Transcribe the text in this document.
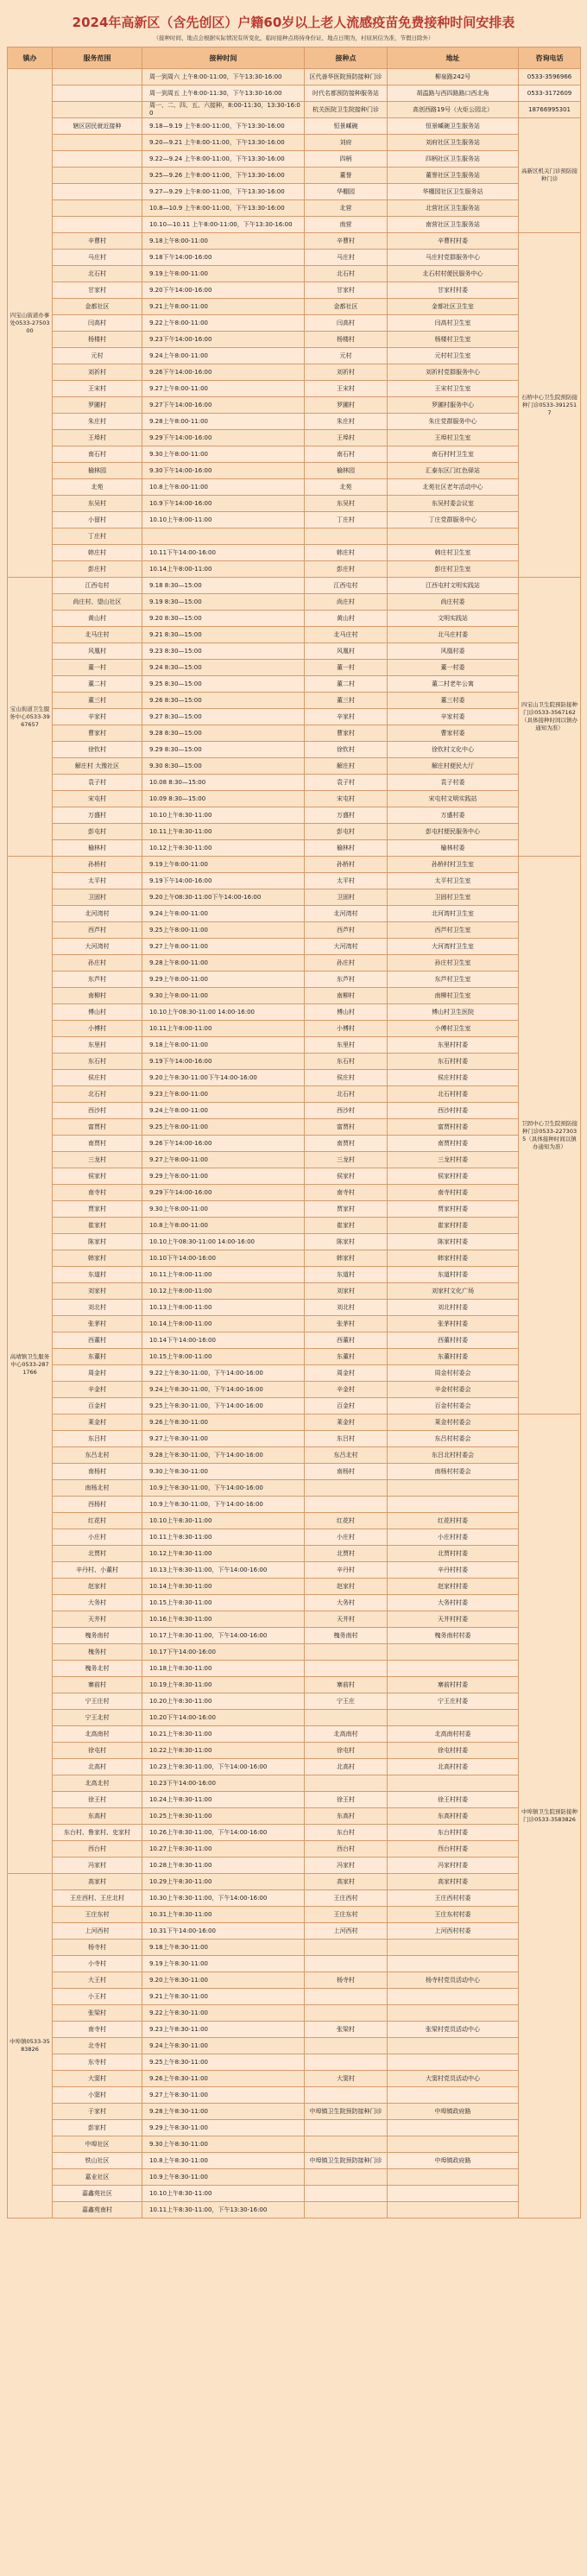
2024年高新区（含先创区）户籍60岁以上老人流感疫苗免费接种时间安排表
（接种时间、地点会根据实际情况有所变化，临时接种点将持身份证、地点日期为，村屈居信为准，节假日除外）
镇办	服务范围	接种时间	接种点	地址	咨询电话
四宝山街道办事处0533-2750300		周一到周六 上午8:00-11:00，下午13:30-16:00	区代善华医院预防接种门诊	柳泉路242号	0533-3596966
		周一到周五 上午8:00-11:30，下午13:30-16:00	时代名都预防接种服务站	胡温路与西四路路口西北角	0533-3172609
		周一、二、四、五、六接种，8:00-11:30，13:30-16:00	杭关医院卫生院接种门诊	高创西路19号（火炬公园北）	18766995301
	辖区居民就近接种	9.18—9.19 上午8:00-11:00，下午13:30-16:00	恒景嵊碗	恒景嵊碗卫生服务站	高新区机关门诊预防接种门诊
		9.20—9.21 上午8:00-11:00，下午13:30-16:00	刘府	刘府社区卫生服务站	
		9.22—9.24 上午8:00-11:00，下午13:30-16:00	四柄	四柄社区卫生服务站	
		9.25—9.26 上午8:00-11:00，下午13:30-16:00	董誉	董誉社区卫生服务站	
		9.27—9.29 上午8:00-11:00，下午13:30-16:00	华棚园	华棚园社区卫生服务站	
		10.8—10.9 上午8:00-11:00，下午13:30-16:00	北营	北营社区卫生服务站	
		10.10—10.11 上午8:00-11:00，下午13:30-16:00	南营	南营社区卫生服务站	
	辛曹村	9.18上午8:00-11:00	辛曹村	辛曹村村委	石桥中心卫生院预防接种门诊0533-3912517
	马庄村	9.18下午14:00-16:00	马庄村	马庄村党群服务中心	
	北石村	9.19上午8:00-11:00	北石村	北石村村便民服务中心	
	甘家村	9.20下午14:00-16:00	甘家村	甘家村村委	
	金都社区	9.21上午8:00-11:00	金都社区	金都社区卫生室	
	闫高村	9.22上午8:00-11:00	闫高村	闫高村卫生室	
	杨楼村	9.23下午14:00-16:00	杨楼村	杨楼村卫生室	
	元村	9.24上午8:00-11:00	元村	元村村卫生室	
	刘祈村	9.26下午14:00-16:00	刘祈村	刘祈村党群服务中心	
	王宋村	9.27上午8:00-11:00	王宋村	王宋村卫生室	
	罗圃村	9.27下午14:00-16:00	罗圃村	罗圃村服务中心	
	朱庄村	9.28上午8:00-11:00	朱庄村	朱庄党群服务中心	
	王埠村	9.29下午14:00-16:00	王埠村	王埠村卫生室	
	南石村	9.30上午8:00-11:00	南石村	南石村村卫生室	
	榆林园	9.30下午14:00-16:00	榆林园	汇泰东区门红色驿站	
	北苑	10.8上午8:00-11:00	北苑	北苑社区老年活动中心	
	东吴村	10.9下午14:00-16:00	东吴村	东吴村委会议室	
	小留村	10.10上午8:00-11:00	丁庄村	丁庄党群服务中心	
	丁庄村				
	韩庄村	10.11下午14:00-16:00	韩庄村	韩庄村卫生室	
	彭庄村	10.14上午8:00-11:00	彭庄村	彭庄村卫生室	
宝山街道卫生服务中心0533-3967657	江西屯村	9.18 8:30—15:00	江西屯村	江西屯村文明实践站	四宝山卫生院预防接种门诊0533-3567162（具体接种时间以镇办通知为准）
	尚庄村、望山社区	9.19 8:30—15:00	尚庄村	尚庄村委	
	黄山村	9.20 8:30—15:00	黄山村	文明实践站	
	北马庄村	9.21 8:30—15:00	北马庄村	北马庄村委	
	风凰村	9.23 8:30—15:00	风凰村	风凰村委	
	董一村	9.24 8:30—15:00	董一村	董一村委	
	董二村	9.25 8:30—15:00	董二村	董二村老年公寓	
	董三村	9.26 8:30—15:00	董三村	董三村委	
	辛家村	9.27 8:30—15:00	辛家村	辛家村委	
	曹家村	9.28 8:30—15:00	曹家村	曹家村委	
	徐钦村	9.29 8:30—15:00	徐钦村	徐钦村文化中心	
	解庄村 大豫社区	9.30 8:30—15:00	解庄村	解庄村便民大厅	
	袁子村	10.08 8:30—15:00	袁子村	袁子村委	
	宋屯村	10.09 8:30—15:00	宋屯村	宋屯村文明实践站	
	万盛村	10.10上午8:30-11:00	万盛村	万盛村委	
	彭屯村	10.11上午8:30-11:00	彭屯村	彭屯村便民服务中心	
	榆林村	10.12上午8:30-11:00	榆林村	榆林村委	
高靖镇卫生服务中心0533-2871766	孙桥村	9.19上午8:00-11:00	孙桥村	孙桥村村卫生室	卫固中心卫生院预防接种门诊0533-2273035（具体接种时间以镇办通知为准）
	太平村	9.19下午14:00-16:00	太平村	太平村卫生室	
	卫固村	9.20上午08:30-11:00下午14:00-16:00	卫固村	卫固村卫生室	
	北河湾村	9.24上午8:00-11:00	北河湾村	北河湾村卫生室	
	西芦村	9.25上午8:00-11:00	西芦村	西芦村卫生室	
	大河湾村	9.27上午8:00-11:00	大河湾村	大河湾村卫生室	
	孙庄村	9.28上午8:00-11:00	孙庄村	孙庄村卫生室	
	东芦村	9.29上午8:00-11:00	东芦村	东芦村卫生室	
	南柳村	9.30上午8:00-11:00	南柳村	南柳村卫生室	
	傅山村	10.10上午08:30-11:00 14:00-16:00	傅山村	傅山村卫生医院	
	小傅村	10.11上午8:00-11:00	小傅村	小傅村卫生室	
	东里村	9.18上午8:00-11:00	东里村	东里村村委	
	东石村	9.19下午14:00-16:00	东石村	东石村村委	
	侯庄村	9.20上午8:30-11:00下午14:00-16:00	侯庄村	侯庄村村委	
	北石村	9.23上午8:00-11:00	北石村	北石村村委	
	西沙村	9.24上午8:00-11:00	西沙村	西沙村村委	
	富贾村	9.25上午8:00-11:00	富贾村	富贾村村委	
	南贾村	9.26下午14:00-16:00	南贾村	南贾村村委	
	三龙村	9.27上午8:00-11:00	三龙村	三龙村村委	
	侯家村	9.29上午8:00-11:00	侯家村	侯家村村委	
	南寺村	9.29下午14:00-16:00	南寺村	南寺村村委	
	贾家村	9.30上午8:00-11:00	贾家村	贾家村村委	
	崔家村	10.8上午8:00-11:00	崔家村	崔家村村委	
	陈家村	10.10上午08:30-11:00 14:00-16:00	陈家村	陈家村村委	
	韩家村	10.10下午14:00-16:00	韩家村	韩家村村委	
	东道村	10.11上午8:00-11:00	东道村	东道村村委	
	刘家村	10.12上午8:00-11:00	刘家村	刘家村文化广场	
	刘北村	10.13上午8:00-11:00	刘北村	刘北村村委	
	张茅村	10.14上午8:00-11:00	张茅村	张茅村村委	
	西董村	10.14下午14:00-16:00	西董村	西董村村委	
	东董村	10.15上午8:00-11:00	东董村	东董村村委	
	周金村	9.22上午8:30-11:00，下午14:00-16:00	周金村	周金村村委会	
	辛金村	9.24上午8:30-11:00，下午14:00-16:00	辛金村	辛金村村委会	
	百金村	9.25上午8:30-11:00，下午14:00-16:00	百金村	百金村村委会	
	莱金村	9.26上午8:30-11:00	莱金村	莱金村村委会	中埠镇卫生院预防接种门诊0533-3583826
	东吕村	9.27上午8:30-11:00	东吕村	东吕村村委会	
	东吕北村	9.28上午8:30-11:00，下午14:00-16:00	东吕北村	东吕北村村委会	
	南杨村	9.30上午8:30-11:00	南杨村	南杨村村委会	
	南杨北村	10.9上午8:30-11:00，下午14:00-16:00			
	西杨村	10.9上午8:30-11:00，下午14:00-16:00			
	红花村	10.10上午8:30-11:00	红花村	红花村村委	
	小庄村	10.11上午8:30-11:00	小庄村	小庄村村委	
	北贾村	10.12上午8:30-11:00	北贾村	北贾村村委	
	辛丹村、小董村	10.13上午8:30-11:00，下午14:00-16:00	辛丹村	辛丹村村委	
	赵家村	10.14上午8:30-11:00	赵家村	赵家村村委	
	大务村	10.15上午8:30-11:00	大务村	大务村村委	
	天井村	10.16上午8:30-11:00	天井村	天井村村委	
	槐务南村	10.17上午8:30-11:00，下午14:00-16:00	槐务南村	槐务南村村委	
	槐务村	10.17下午14:00-16:00			
	槐务北村	10.18上午8:30-11:00			
	寨前村	10.19上午8:30-11:00	寨前村	寨前村村委	
	宁王庄村	10.20上午8:30-11:00	宁王庄	宁王庄村委	
	宁王北村	10.20下午14:00-16:00			
	北高南村	10.21上午8:30-11:00	北高南村	北高南村村委	
	徐屯村	10.22上午8:30-11:00	徐屯村	徐屯村村委	
	北高村	10.23上午8:30-11:00，下午14:00-16:00	北高村	北高村村委	
	北高北村	10.23下午14:00-16:00			
	徐王村	10.24上午8:30-11:00	徐王村	徐王村村委	
	东高村	10.25上午8:30-11:00	东高村	东高村村委	
	东台村、鲁家村、史家村	10.26上午8:30-11:00，下午14:00-16:00	东台村	东台村村委	
	西台村	10.27上午8:30-11:00	西台村	西台村村委	
	冯家村	10.28上午8:30-11:00	冯家村	冯家村村委	
中埠镇0533-3583826	高家村	10.29上午8:30-11:00	高家村	高家村村委	
	王庄西村、王庄北村	10.30上午8:30-11:00，下午14:00-16:00	王庄西村	王庄西村村委	
	王庄东村	10.31上午8:30-11:00	王庄东村	王庄东村村委	
	上河西村	10.31下午14:00-16:00	上河西村	上河西村村委	
	杨寺村	9.18上午8:30-11:00			
	小寺村	9.19上午8:30-11:00			
	大王村	9.20上午8:30-11:00	杨寺村	杨寺村党员活动中心	
	小王村	9.21上午8:30-11:00			
	张梁村	9.22上午8:30-11:00			
	南寺村	9.23上午8:30-11:00	张梁村	张梁村党员活动中心	
	北寺村	9.24上午8:30-11:00			
	东寺村	9.25上午8:30-11:00			
	大窦村	9.26上午8:30-11:00	大窦村	大窦村党员活动中心	
	小窦村	9.27上午8:30-11:00			
	于家村	9.28上午8:30-11:00	中埠镇卫生院预防接种门诊	中埠镇政府路	
	彭家村	9.29上午8:30-11:00			
	中埠社区	9.30上午8:30-11:00			
	铁山社区	10.8上午8:30-11:00	中埠镇卫生院预防接种门诊	中埠镇政府路	
	嘉业社区	10.9上午8:30-11:00			
	嘉鑫苑社区	10.10上午8:30-11:00			
	嘉鑫苑南村	10.11上午8:30-11:00，下午13:30-16:00			
